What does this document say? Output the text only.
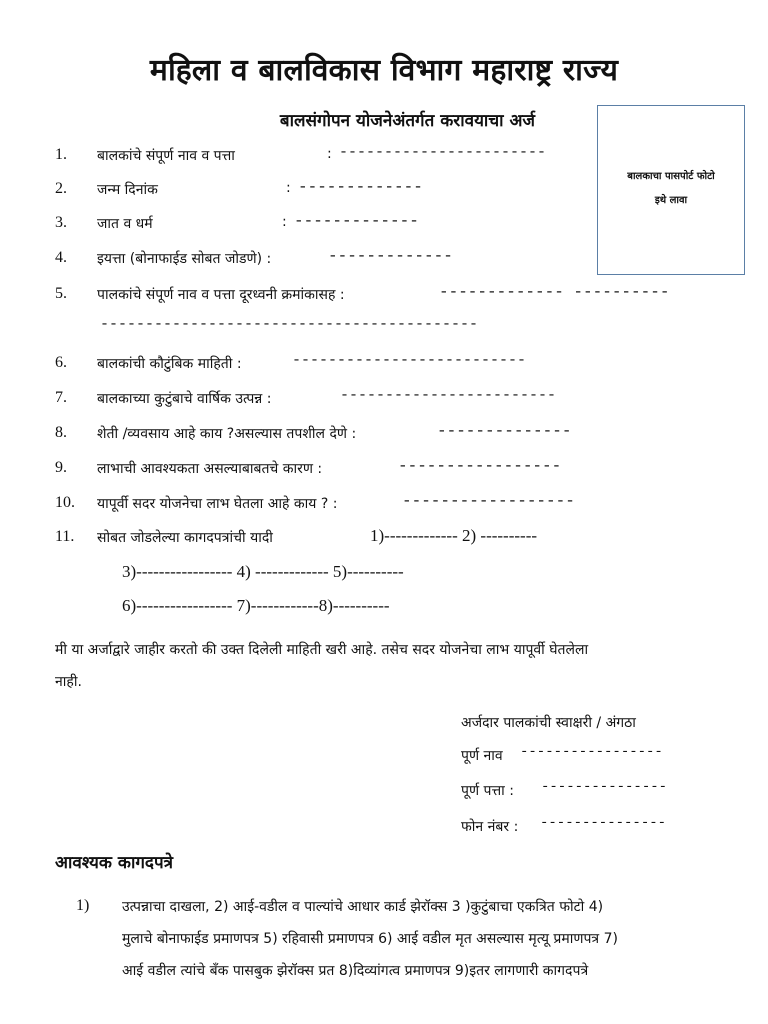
महिला व बालविकास विभाग महाराष्ट्र राज्य
बालसंगोपन योजनेअंतर्गत करावयाचा अर्ज
बालकाचा पासपोर्ट फोटो
इथे लावा
1. बालकांचे संपूर्ण नाव व पत्ता	: -----------------------
2. जन्म दिनांक	: -------------
3. जात व धर्म	: -------------
4. इयत्ता (बोनाफाईड सोबत जोडणे) :	-------------
5. पालकांचे संपूर्ण नाव व पत्ता दूरध्वनी क्रमांकासह :	------------- ----------
------------------------------------------
6. बालकांची कौटुंबिक माहिती :	--------------------------
7. बालकाच्या कुटुंबाचे वार्षिक उत्पन्न :	------------------------
8. शेती /व्यवसाय आहे काय ?असल्यास तपशील देणे :	--------------
9. लाभाची आवश्यकता असल्याबाबतचे कारण :	-----------------
10. यापूर्वी सदर योजनेचा लाभ घेतला आहे काय ? :	------------------
11. सोबत जोडलेल्या कागदपत्रांची यादी	1)------------- 2) ----------
3)----------------- 4) ------------- 5)----------
6)----------------- 7)------------8)----------
मी या अर्जाद्वारे जाहीर करतो की उक्त दिलेली माहिती खरी आहे. तसेच सदर योजनेचा लाभ यापूर्वी घेतलेला
नाही.
अर्जदार पालकांची स्वाक्षरी / अंगठा
पूर्ण नाव -----------------
पूर्ण पत्ता : ---------------
फोन नंबर : ---------------
आवश्यक कागदपत्रे
1) उत्पन्नाचा दाखला, 2) आई-वडील व पाल्यांचे आधार कार्ड झेरॉक्स 3 )कुटुंबाचा एकत्रित फोटो 4)
मुलाचे बोनाफाईड प्रमाणपत्र 5) रहिवासी प्रमाणपत्र 6) आई वडील मृत असल्यास मृत्यू प्रमाणपत्र 7)
आई वडील त्यांचे बँक पासबुक झेरॉक्स प्रत 8)दिव्यांगत्व प्रमाणपत्र 9)इतर लागणारी कागदपत्रे
